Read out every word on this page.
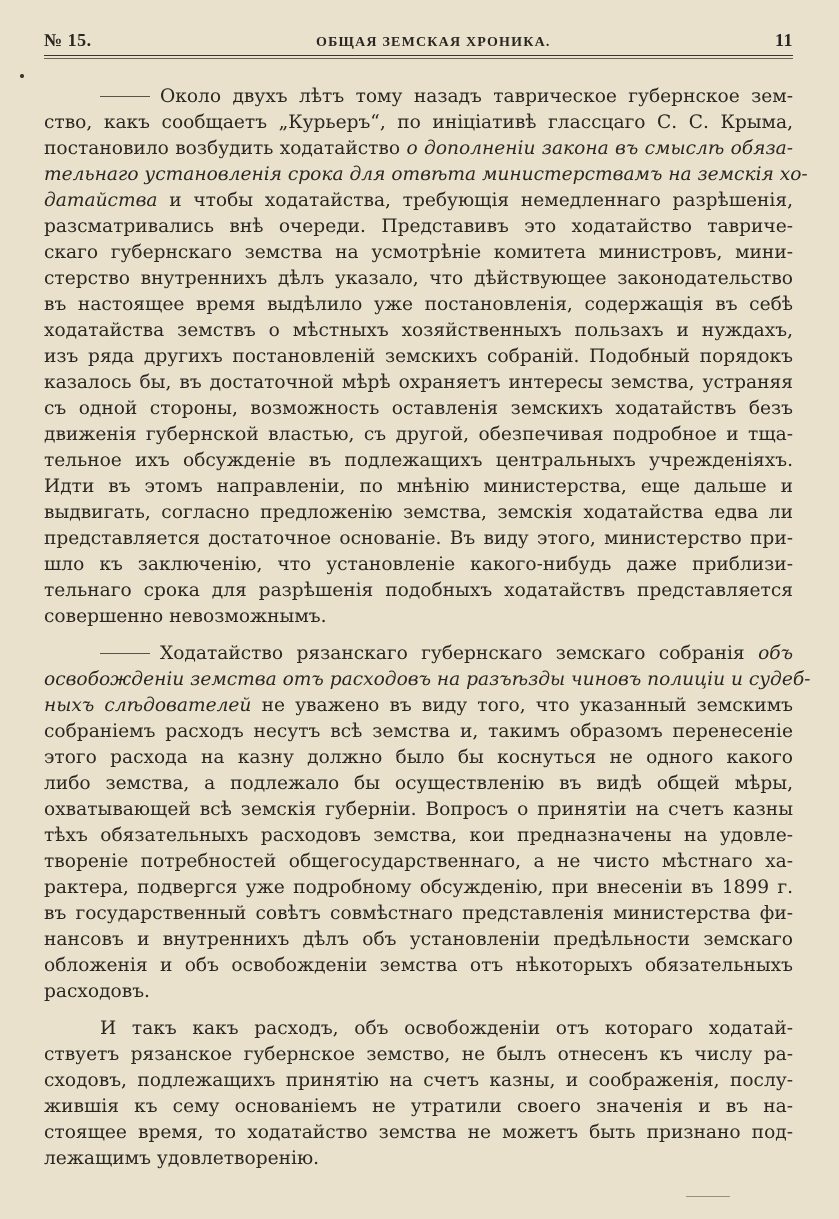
№ 15.	ОБЩАЯ ЗЕМСКАЯ ХРОНИКА.	11
Около двухъ лѣтъ тому назадъ таврическое губернское зем-
ство, какъ сообщаетъ „Курьеръ“, по инiцiативѣ глассцаго С. С. Крыма,
постановило возбудить ходатайство о дополненiи закона въ смыслѣ обяза-
тельнаго установленiя срока для отвѣта министерствамъ на земскiя хо-
датайства и чтобы ходатайства, требующiя немедленнаго разрѣшенiя,
разсматривались внѣ очереди. Представивъ это ходатайство тавриче-
скаго губернскаго земства на усмотрѣнiе комитета министровъ, мини-
стерство внутреннихъ дѣлъ указало, что дѣйствующее законодательство
въ настоящее время выдѣлило уже постановленiя, содержащiя въ себѣ
ходатайства земствъ о мѣстныхъ хозяйственныхъ пользахъ и нуждахъ,
изъ ряда другихъ постановленiй земскихъ собранiй. Подобный порядокъ
казалось бы, въ достаточной мѣрѣ охраняетъ интересы земства, устраняя
съ одной стороны, возможность оставленiя земскихъ ходатайствъ безъ
движенiя губернской властью, съ другой, обезпечивая подробное и тща-
тельное ихъ обсужденiе въ подлежащихъ центральныхъ учрежденiяхъ.
Идти въ этомъ направленiи, по мнѣнiю министерства, еще дальше и
выдвигать, согласно предложенiю земства, земскiя ходатайства едва ли
представляется достаточное основанiе. Въ виду этого, министерство при-
шло къ заключенiю, что установленiе какого-нибудь даже приблизи-
тельнаго срока для разрѣшенiя подобныхъ ходатайствъ представляется
совершенно невозможнымъ.
Ходатайство рязанскаго губернскаго земскаго собранiя объ
освобожденiи земства отъ расходовъ на разъѣзды чиновъ полицiи и судеб-
ныхъ слѣдователей не уважено въ виду того, что указанный земскимъ
собранiемъ расходъ несутъ всѣ земства и, такимъ образомъ перенесенiе
этого расхода на казну должно было бы коснуться не одного какого
либо земства, а подлежало бы осуществленiю въ видѣ общей мѣры,
охватывающей всѣ земскiя губернiи. Вопросъ о принятiи на счетъ казны
тѣхъ обязательныхъ расходовъ земства, кои предназначены на удовле-
творенiе потребностей общегосударственнаго, а не чисто мѣстнаго ха-
рактера, подвергся уже подробному обсужденiю, при внесенiи въ 1899 г.
въ государственный совѣтъ совмѣстнаго представленiя министерства фи-
нансовъ и внутреннихъ дѣлъ объ установленiи предѣльности земскаго
обложенiя и объ освобожденiи земства отъ нѣкоторыхъ обязательныхъ
расходовъ.
И такъ какъ расходъ, объ освобожденiи отъ котораго ходатай-
ствуетъ рязанское губернское земство, не былъ отнесенъ къ числу ра-
сходовъ, подлежащихъ принятiю на счетъ казны, и соображенiя, послу-
жившiя къ сему основанiемъ не утратили своего значенiя и въ на-
стоящее время, то ходатайство земства не можетъ быть признано под-
лежащимъ удовлетворенiю.
